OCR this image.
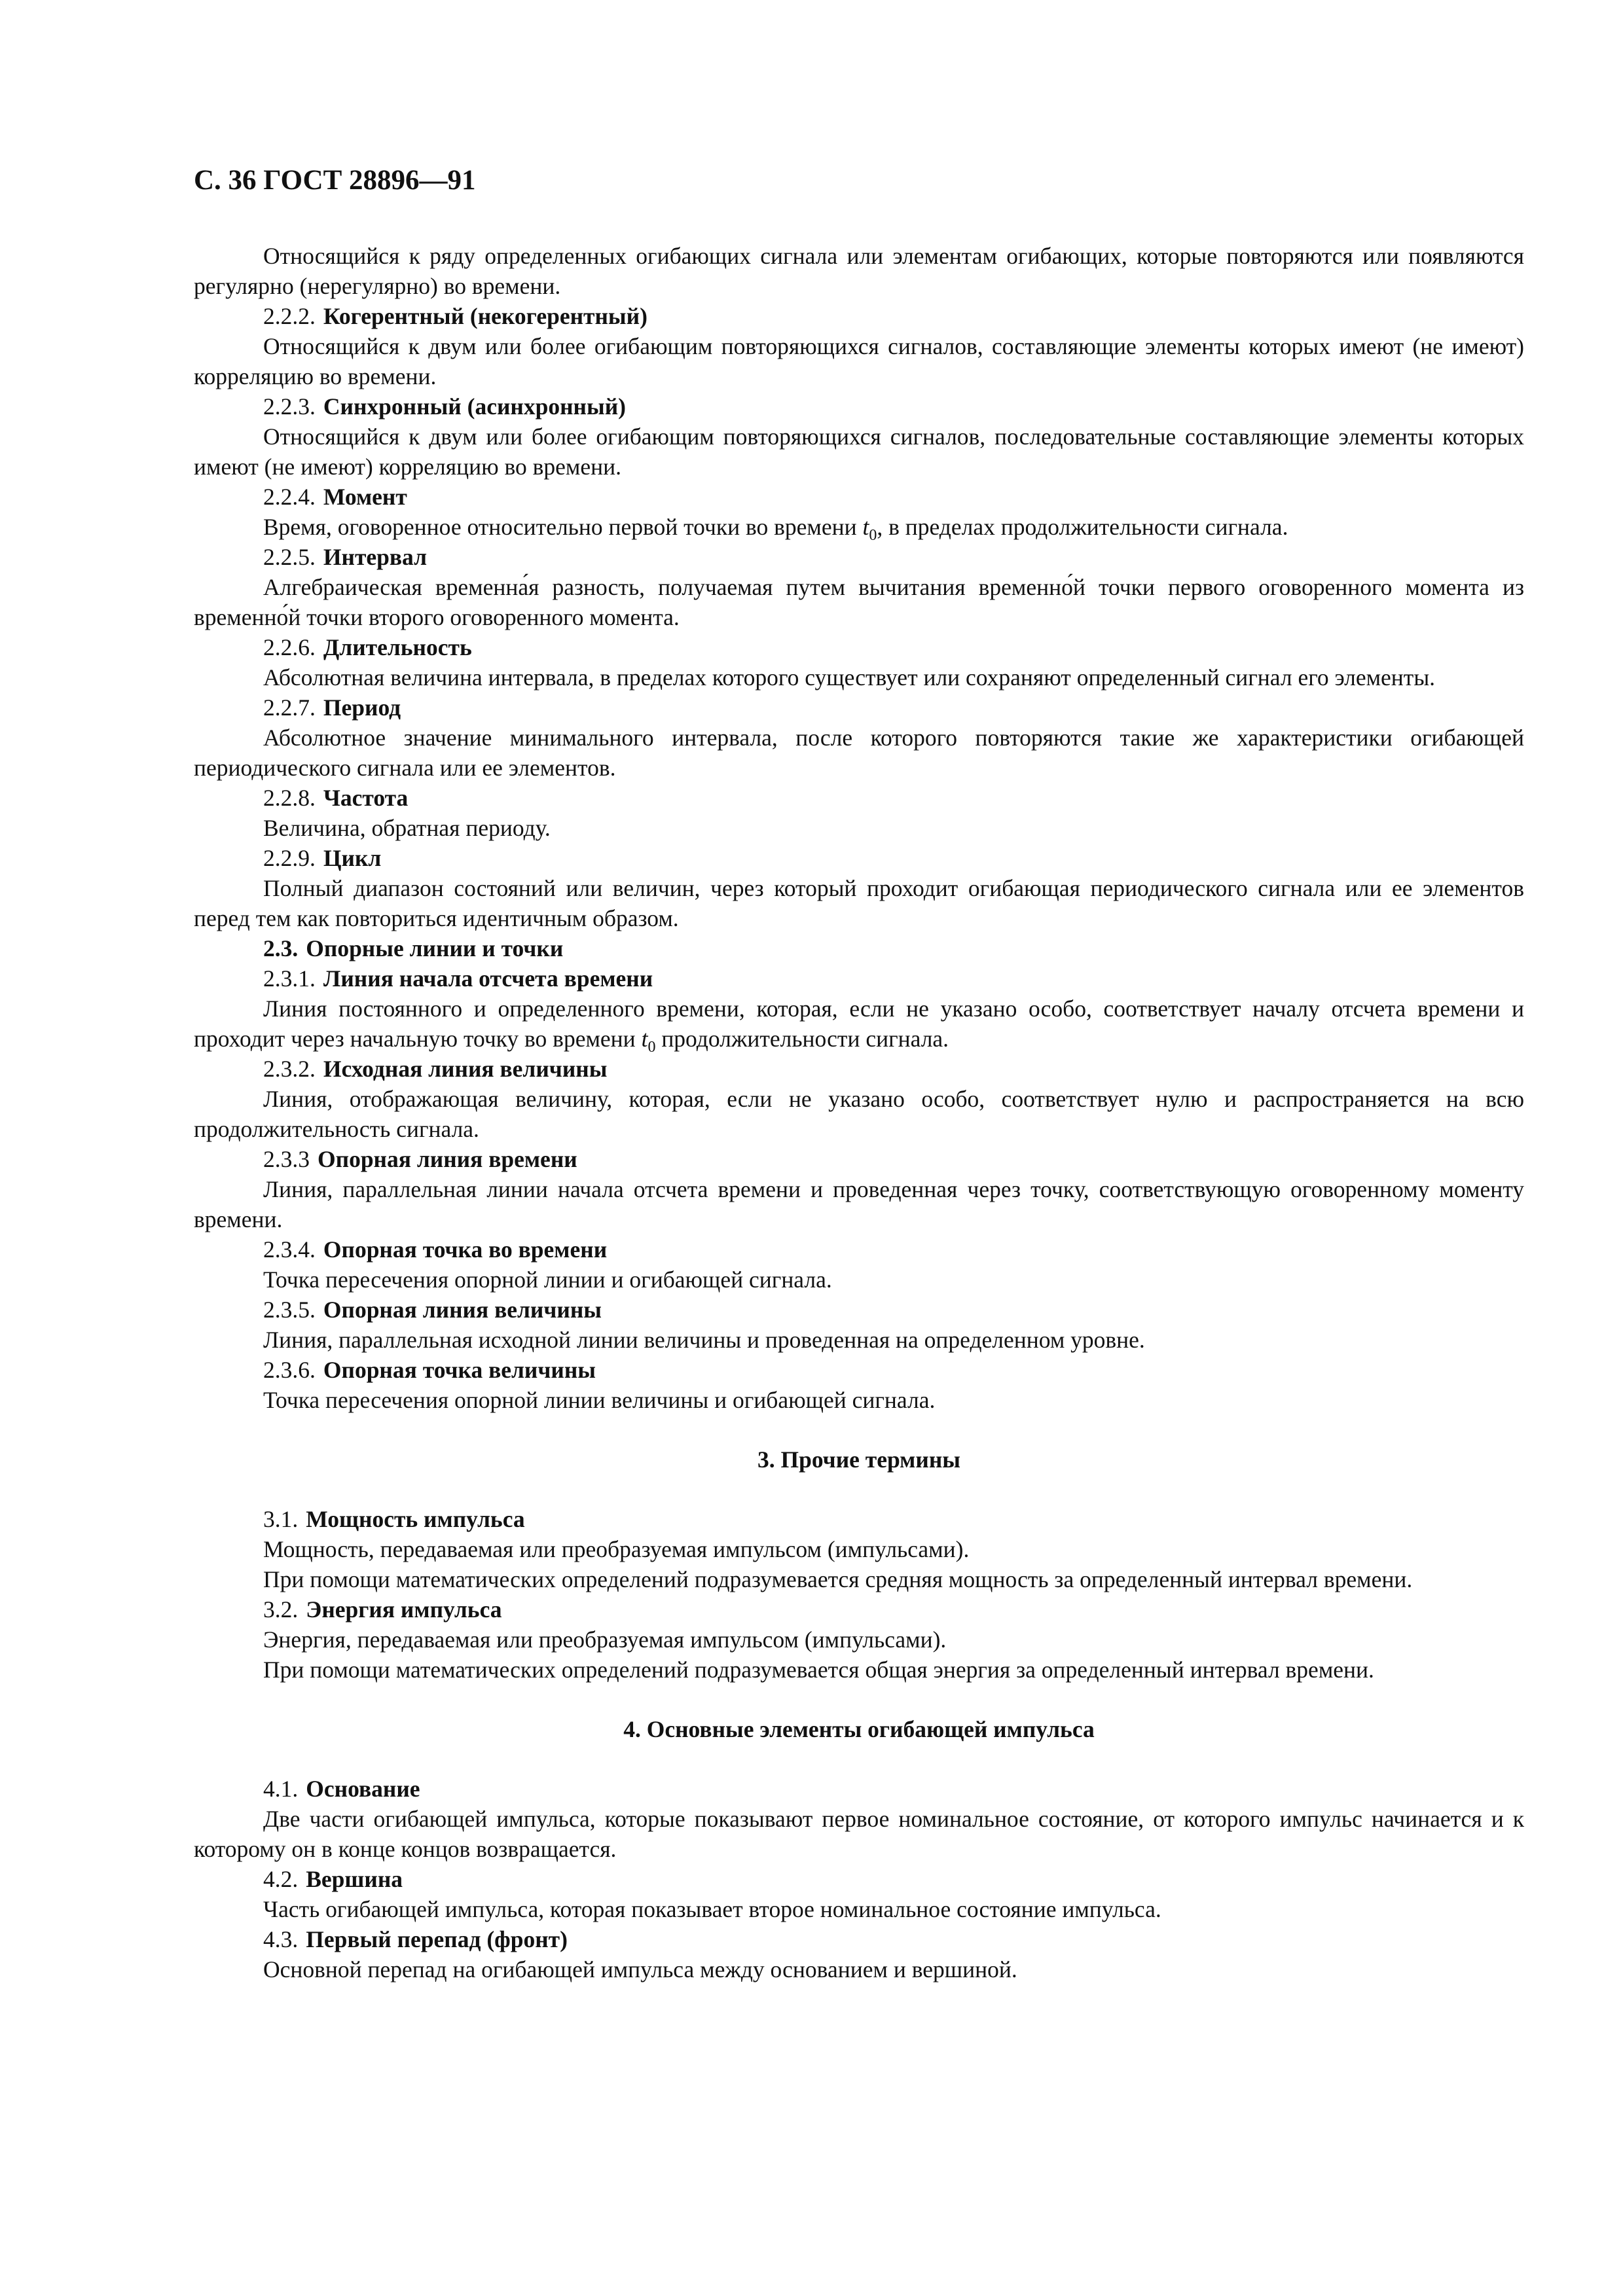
С. 36 ГОСТ 28896—91

Относящийся к ряду определенных огибающих сигнала или элементам огибающих, которые повторяются или появляются регулярно (нерегулярно) во времени.

2.2.2. Когерентный (некогерентный)

Относящийся к двум или более огибающим повторяющихся сигналов, составляющие элементы которых имеют (не имеют) корреляцию во времени.

2.2.3. Синхронный (асинхронный)

Относящийся к двум или более огибающим повторяющихся сигналов, последовательные составляющие элементы которых имеют (не имеют) корреляцию во времени.

2.2.4. Момент

Время, оговоренное относительно первой точки во времени $t_0$, в пределах продолжительности сигнала.

2.2.5. Интервал

Алгебраическая временна́я разность, получаемая путем вычитания временно́й точки первого оговоренного момента из временно́й точки второго оговоренного момента.

2.2.6. Длительность

Абсолютная величина интервала, в пределах которого существует или сохраняют определенный сигнал его элементы.

2.2.7. Период

Абсолютное значение минимального интервала, после которого повторяются такие же характеристики огибающей периодического сигнала или ее элементов.

2.2.8. Частота

Величина, обратная периоду.

2.2.9. Цикл

Полный диапазон состояний или величин, через который проходит огибающая периодического сигнала или ее элементов перед тем как повториться идентичным образом.

2.3. Опорные линии и точки

2.3.1. Линия начала отсчета времени

Линия постоянного и определенного времени, которая, если не указано особо, соответствует началу отсчета времени и проходит через начальную точку во времени $t_0$ продолжительности сигнала.

2.3.2. Исходная линия величины

Линия, отображающая величину, которая, если не указано особо, соответствует нулю и распространяется на всю продолжительность сигнала.

2.3.3 Опорная линия времени

Линия, параллельная линии начала отсчета времени и проведенная через точку, соответствующую оговоренному моменту времени.

2.3.4. Опорная точка во времени

Точка пересечения опорной линии и огибающей сигнала.

2.3.5. Опорная линия величины

Линия, параллельная исходной линии величины и проведенная на определенном уровне.

2.3.6. Опорная точка величины

Точка пересечения опорной линии величины и огибающей сигнала.

3. Прочие термины

3.1. Мощность импульса

Мощность, передаваемая или преобразуемая импульсом (импульсами).

При помощи математических определений подразумевается средняя мощность за определенный интервал времени.

3.2. Энергия импульса

Энергия, передаваемая или преобразуемая импульсом (импульсами).

При помощи математических определений подразумевается общая энергия за определенный интервал времени.

4. Основные элементы огибающей импульса

4.1. Основание

Две части огибающей импульса, которые показывают первое номинальное состояние, от которого импульс начинается и к которому он в конце концов возвращается.

4.2. Вершина

Часть огибающей импульса, которая показывает второе номинальное состояние импульса.

4.3. Первый перепад (фронт)

Основной перепад на огибающей импульса между основанием и вершиной.
